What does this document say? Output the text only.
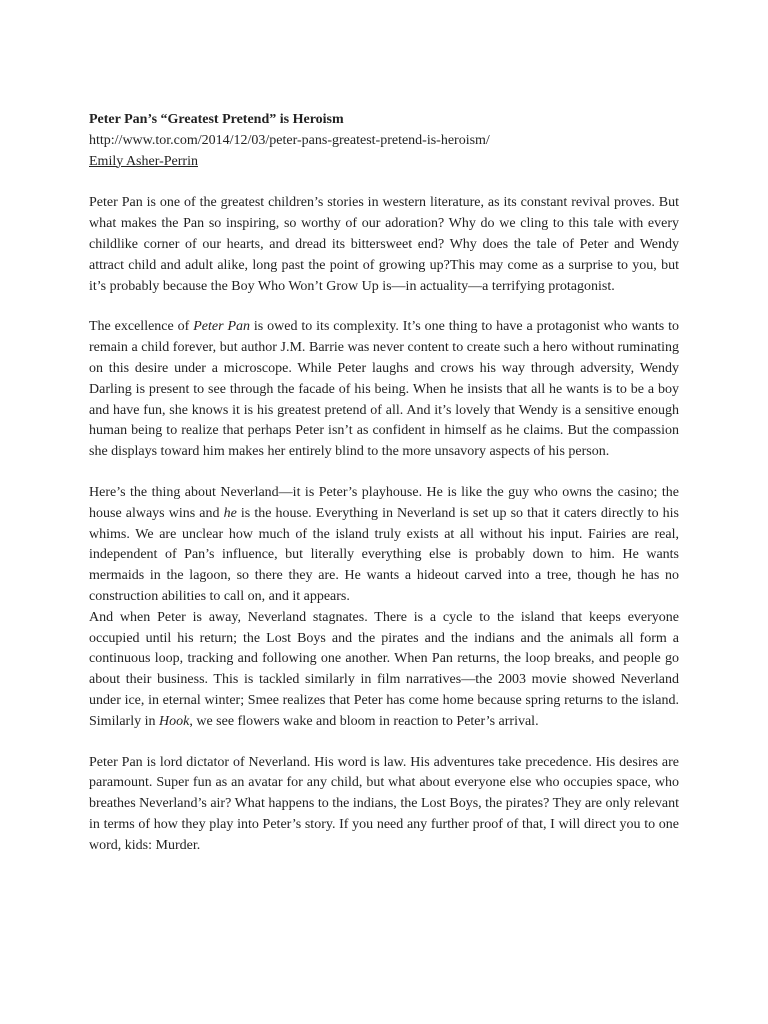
Peter Pan’s “Greatest Pretend” is Heroism

http://www.tor.com/2014/12/03/peter-pans-greatest-pretend-is-heroism/

Emily Asher-Perrin

Peter Pan is one of the greatest children’s stories in western literature, as its constant revival proves. But what makes the Pan so inspiring, so worthy of our adoration? Why do we cling to this tale with every childlike corner of our hearts, and dread its bittersweet end? Why does the tale of Peter and Wendy attract child and adult alike, long past the point of growing up?This may come as a surprise to you, but it’s probably because the Boy Who Won’t Grow Up is—in actuality—a terrifying protagonist.

The excellence of Peter Pan is owed to its complexity. It’s one thing to have a protagonist who wants to remain a child forever, but author J.M. Barrie was never content to create such a hero without ruminating on this desire under a microscope. While Peter laughs and crows his way through adversity, Wendy Darling is present to see through the facade of his being. When he insists that all he wants is to be a boy and have fun, she knows it is his greatest pretend of all. And it’s lovely that Wendy is a sensitive enough human being to realize that perhaps Peter isn’t as confident in himself as he claims. But the compassion she displays toward him makes her entirely blind to the more unsavory aspects of his person.

Here’s the thing about Neverland—it is Peter’s playhouse. He is like the guy who owns the casino; the house always wins and he is the house. Everything in Neverland is set up so that it caters directly to his whims. We are unclear how much of the island truly exists at all without his input. Fairies are real, independent of Pan’s influence, but literally everything else is probably down to him. He wants mermaids in the lagoon, so there they are. He wants a hideout carved into a tree, though he has no construction abilities to call on, and it appears.

And when Peter is away, Neverland stagnates. There is a cycle to the island that keeps everyone occupied until his return; the Lost Boys and the pirates and the indians and the animals all form a continuous loop, tracking and following one another. When Pan returns, the loop breaks, and people go about their business. This is tackled similarly in film narratives—the 2003 movie showed Neverland under ice, in eternal winter; Smee realizes that Peter has come home because spring returns to the island. Similarly in Hook, we see flowers wake and bloom in reaction to Peter’s arrival.

Peter Pan is lord dictator of Neverland. His word is law. His adventures take precedence. His desires are paramount. Super fun as an avatar for any child, but what about everyone else who occupies space, who breathes Neverland’s air? What happens to the indians, the Lost Boys, the pirates? They are only relevant in terms of how they play into Peter’s story. If you need any further proof of that, I will direct you to one word, kids: Murder.
